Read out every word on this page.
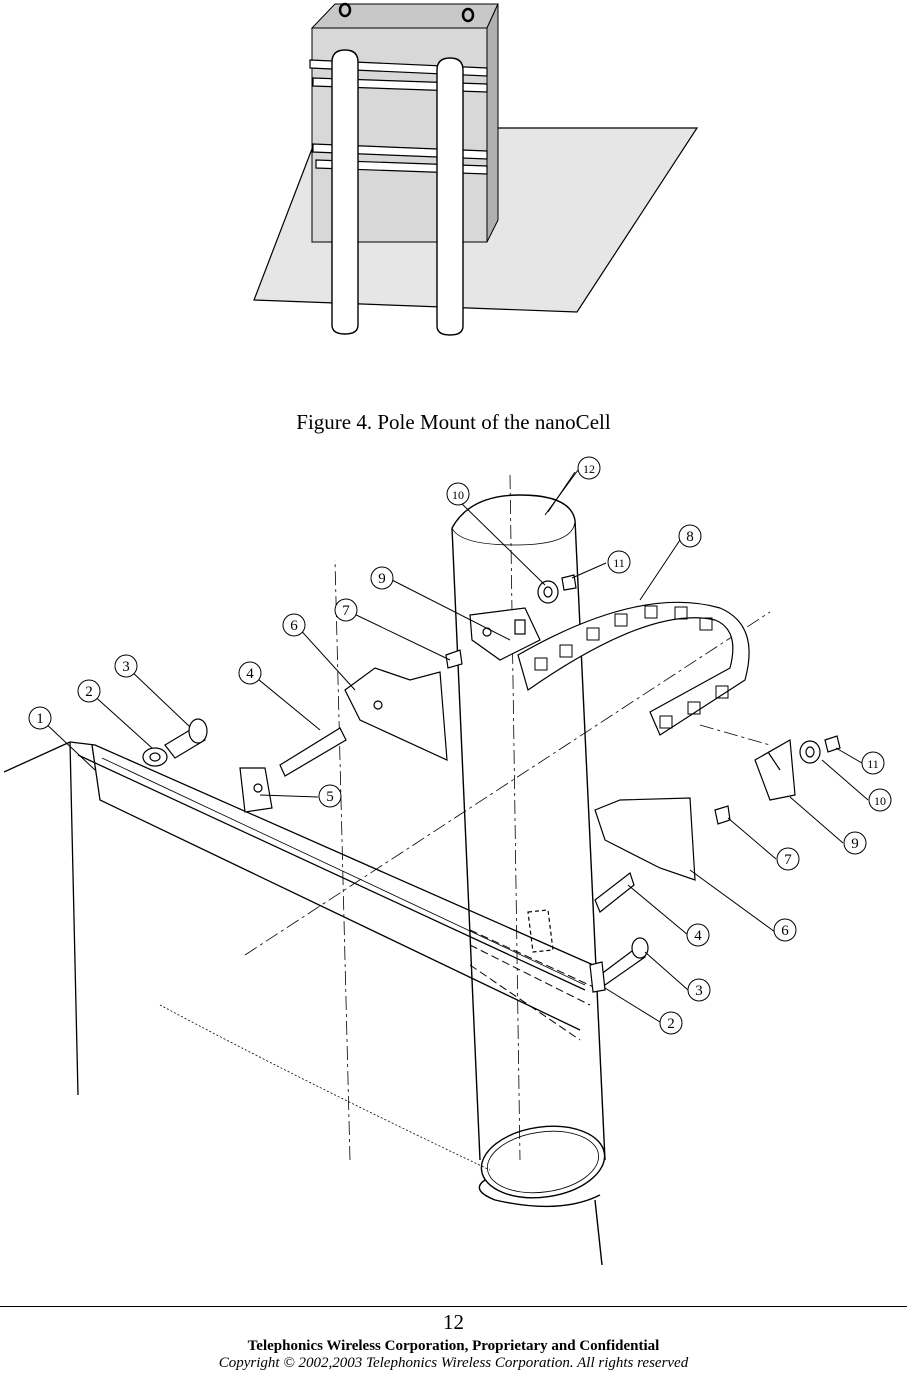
Figure 4. Pole Mount of the nanoCell
12
10
11
8
9
7
6
3	4
2
1
5
11
10
9
7
6
4
3
2
12
Telephonics Wireless Corporation, Proprietary and Confidential
Copyright © 2002,2003 Telephonics Wireless Corporation. All rights reserved
